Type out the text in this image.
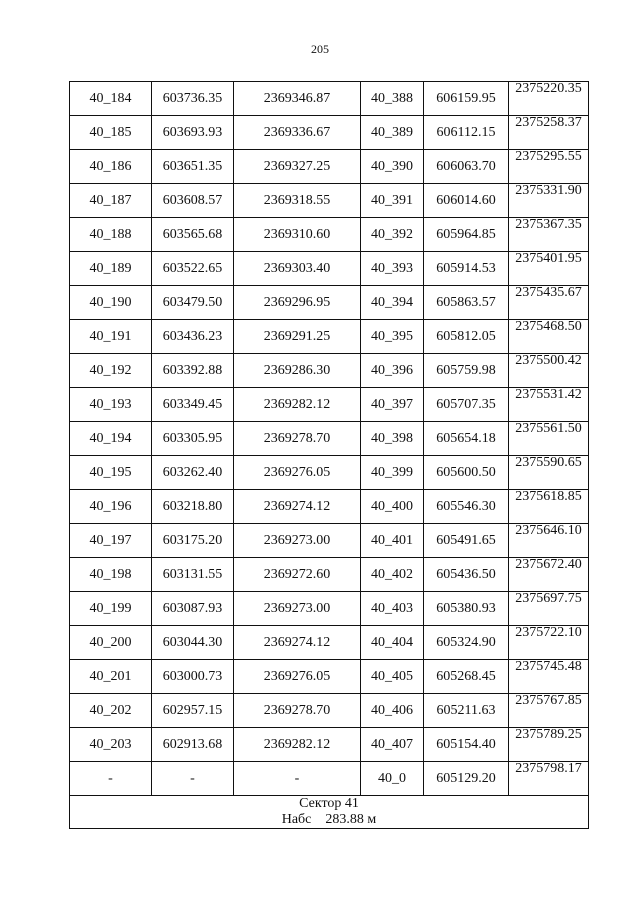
205
40_184	603736.35	2369346.87	40_388	606159.95	2375220.35
40_185	603693.93	2369336.67	40_389	606112.15	2375258.37
40_186	603651.35	2369327.25	40_390	606063.70	2375295.55
40_187	603608.57	2369318.55	40_391	606014.60	2375331.90
40_188	603565.68	2369310.60	40_392	605964.85	2375367.35
40_189	603522.65	2369303.40	40_393	605914.53	2375401.95
40_190	603479.50	2369296.95	40_394	605863.57	2375435.67
40_191	603436.23	2369291.25	40_395	605812.05	2375468.50
40_192	603392.88	2369286.30	40_396	605759.98	2375500.42
40_193	603349.45	2369282.12	40_397	605707.35	2375531.42
40_194	603305.95	2369278.70	40_398	605654.18	2375561.50
40_195	603262.40	2369276.05	40_399	605600.50	2375590.65
40_196	603218.80	2369274.12	40_400	605546.30	2375618.85
40_197	603175.20	2369273.00	40_401	605491.65	2375646.10
40_198	603131.55	2369272.60	40_402	605436.50	2375672.40
40_199	603087.93	2369273.00	40_403	605380.93	2375697.75
40_200	603044.30	2369274.12	40_404	605324.90	2375722.10
40_201	603000.73	2369276.05	40_405	605268.45	2375745.48
40_202	602957.15	2369278.70	40_406	605211.63	2375767.85
40_203	602913.68	2369282.12	40_407	605154.40	2375789.25
-	-	-	40_0	605129.20	2375798.17

Сектор 41
Набс 283.88 м					
